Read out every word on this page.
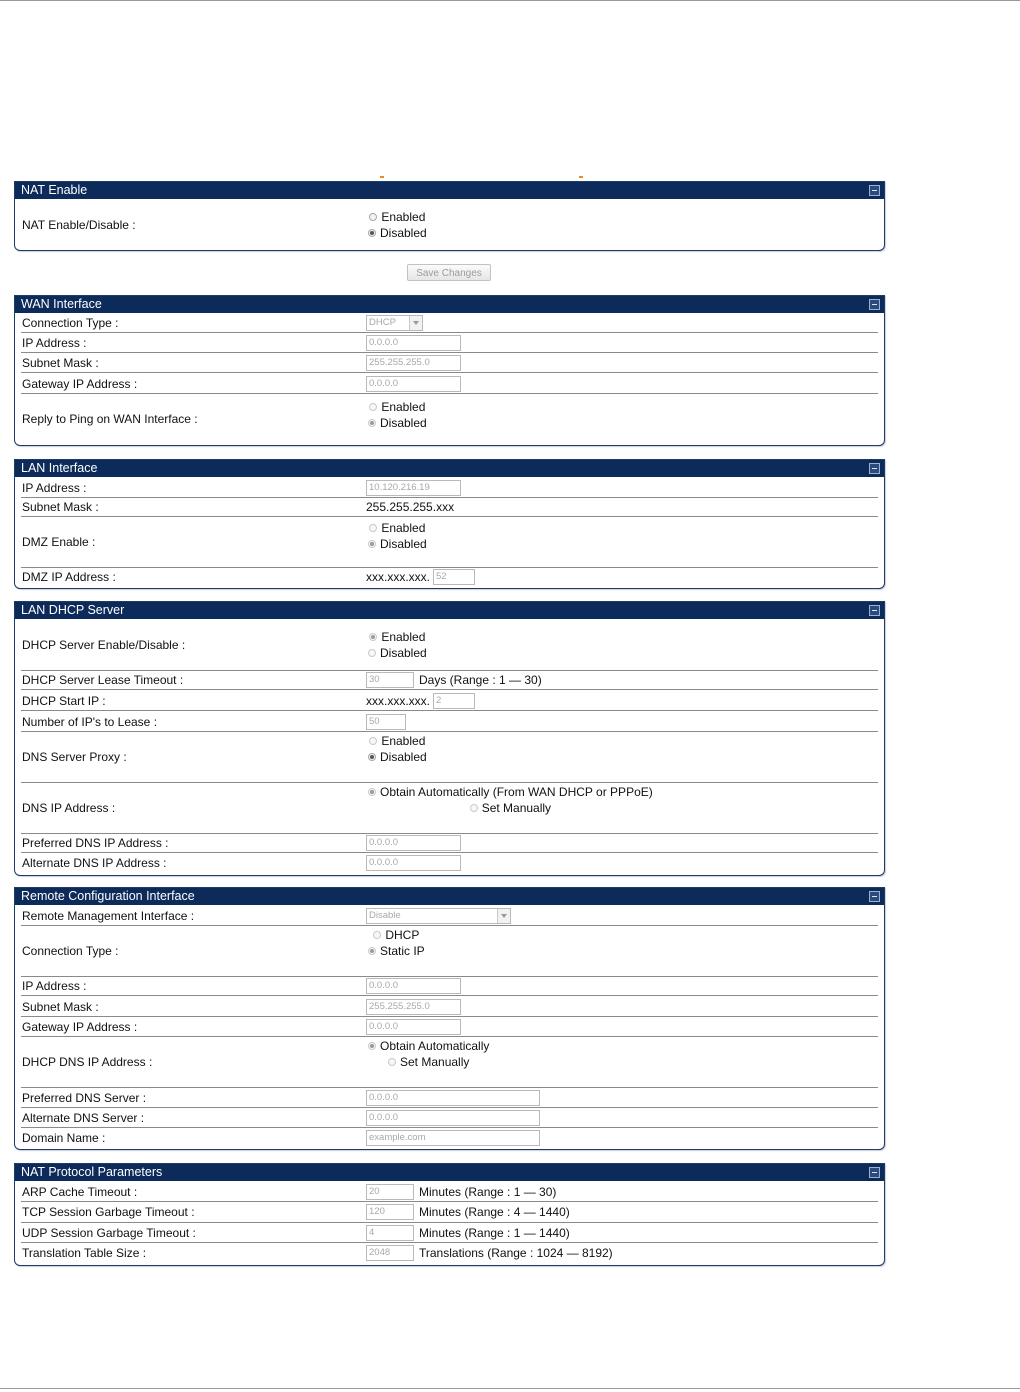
NAT Enable
NAT Enable/Disable :
Enabled
Disabled
Save Changes
WAN Interface
Connection Type :	DHCP
IP Address :	0.0.0.0
Subnet Mask :	255.255.255.0
Gateway IP Address :	0.0.0.0
Reply to Ping on WAN Interface :
Enabled
Disabled
LAN Interface
IP Address :	10.120.216.19
Subnet Mask :	255.255.255.xxx
DMZ Enable :
Enabled
Disabled
DMZ IP Address :	xxx.xxx.xxx. 52
LAN DHCP Server
DHCP Server Enable/Disable :
Enabled
Disabled
DHCP Server Lease Timeout :	30	Days (Range : 1 — 30)
DHCP Start IP :	xxx.xxx.xxx. 2
Number of IP's to Lease :	50
DNS Server Proxy :
Enabled
Disabled
DNS IP Address :
Obtain Automatically (From WAN DHCP or PPPoE)
Set Manually
Preferred DNS IP Address :	0.0.0.0
Alternate DNS IP Address :	0.0.0.0
Remote Configuration Interface
Remote Management Interface :	Disable
Connection Type :
DHCP
Static IP
IP Address :	0.0.0.0
Subnet Mask :	255.255.255.0
Gateway IP Address :	0.0.0.0
DHCP DNS IP Address :
Obtain Automatically
Set Manually
Preferred DNS Server :	0.0.0.0
Alternate DNS Server :	0.0.0.0
Domain Name :	example.com
NAT Protocol Parameters
ARP Cache Timeout :	20	Minutes (Range : 1 — 30)
TCP Session Garbage Timeout :	120	Minutes (Range : 4 — 1440)
UDP Session Garbage Timeout :	4	Minutes (Range : 1 — 1440)
Translation Table Size :	2048	Translations (Range : 1024 — 8192)
